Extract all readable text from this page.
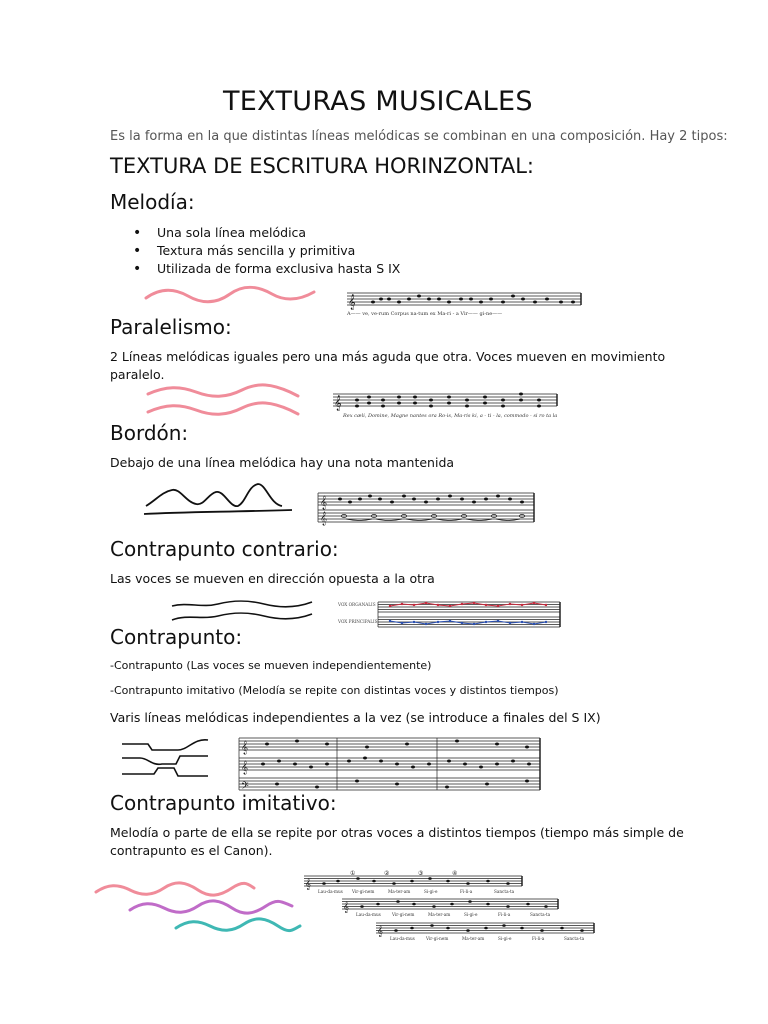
TEXTURAS MUSICALES
Es la forma en la que distintas líneas melódicas se combinan en una composición. Hay 2 tipos:
TEXTURA DE ESCRITURA HORINZONTAL:
Melodía:
• Una sola línea melódica
• Textura más sencilla y primitiva
• Utilizada de forma exclusiva hasta S IX
𝄞
A—— ve, ve-rum Corpus na-tum ex Ma-ri - a Vir—— gi-ne——
Paralelismo:
2 Líneas melódicas iguales pero una más aguda que otra. Voces mueven en movimiento
paralelo.
𝄞
Rex cæli, Domine, Magne nantes ora Ro-is, Ma-ris ki, a - ti - la, commodo - si ro ta la
Bordón:
Debajo de una línea melódica hay una nota mantenida
𝄞
𝄞
Contrapunto contrario:
Las voces se mueven en dirección opuesta a la otra
VOX ORGANALIS
VOX PRINCIPALIS
Contrapunto:
-Contrapunto (Las voces se mueven independientemente)
-Contrapunto imitativo (Melodía se repite con distintas voces y distintos tiempos)
Varis líneas melódicas independientes a la vez (se introduce a finales del S IX)
𝄞
𝄞
𝄢
Contrapunto imitativo:
Melodía o parte de ella se repite por otras voces a distintos tiempos (tiempo más simple de
contrapunto es el Canon).
①	②	③	④
𝄞
𝄞
𝄞
Lau-da-mus Vir-gi-nem	Ma-ter-am	Si-gi-e	Fi-li-a	Sancta-ta
Lau-da-mus	Vir-gi-nem	Ma-ter-am	Si-gi-e	Fi-li-a	Sancta-ta
Lau-da-mus	Vir-gi-nem	Ma-ter-am	Si-gi-e	Fi-li-a	Sancta-ta
